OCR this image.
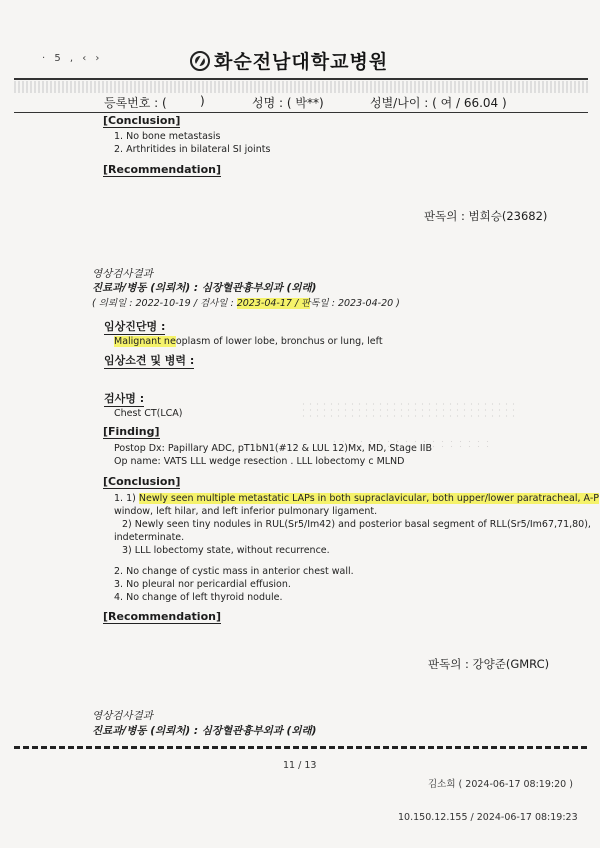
· 5 , ‹ ›	화순전남대학교병원
등록번호 : (	)	성명 : ( 박**)	성별/나이 : ( 여 / 66.04 )
[Conclusion]
1. No bone metastasis
2. Arthritides in bilateral SI joints
[Recommendation]
판독의 : 범희승(23682)
영상검사결과
진료과/병동 (의뢰처) : 심장혈관흉부외과 (외래)
( 의뢰일 : 2022-10-19 / 검사일 : 2023-04-17 / 판독일 : 2023-04-20 )
임상진단명 :
Malignant neoplasm of lower lobe, bronchus or lung, left
임상소견 및 병력 :
검사명 :
Chest CT(LCA)
[Finding]
Postop Dx: Papillary ADC, pT1bN1(#12 & LUL 12)Mx, MD, Stage IIB
Op name: VATS LLL wedge resection . LLL lobectomy c MLND
[Conclusion]
1. 1) Newly seen multiple metastatic LAPs in both supraclavicular, both upper/lower paratracheal, A-P
window, left hilar, and left inferior pulmonary ligament.
2) Newly seen tiny nodules in RUL(Sr5/Im42) and posterior basal segment of RLL(Sr5/Im67,71,80),
indeterminate.
3) LLL lobectomy state, without recurrence.
2. No change of cystic mass in anterior chest wall.
3. No pleural nor pericardial effusion.
4. No change of left thyroid nodule.
[Recommendation]
판독의 : 강양준(GMRC)
영상검사결과
진료과/병동 (의뢰처) : 심장혈관흉부외과 (외래)
11 / 13
김소희 ( 2024-06-17 08:19:20 )
10.150.12.155 / 2024-06-17 08:19:23
